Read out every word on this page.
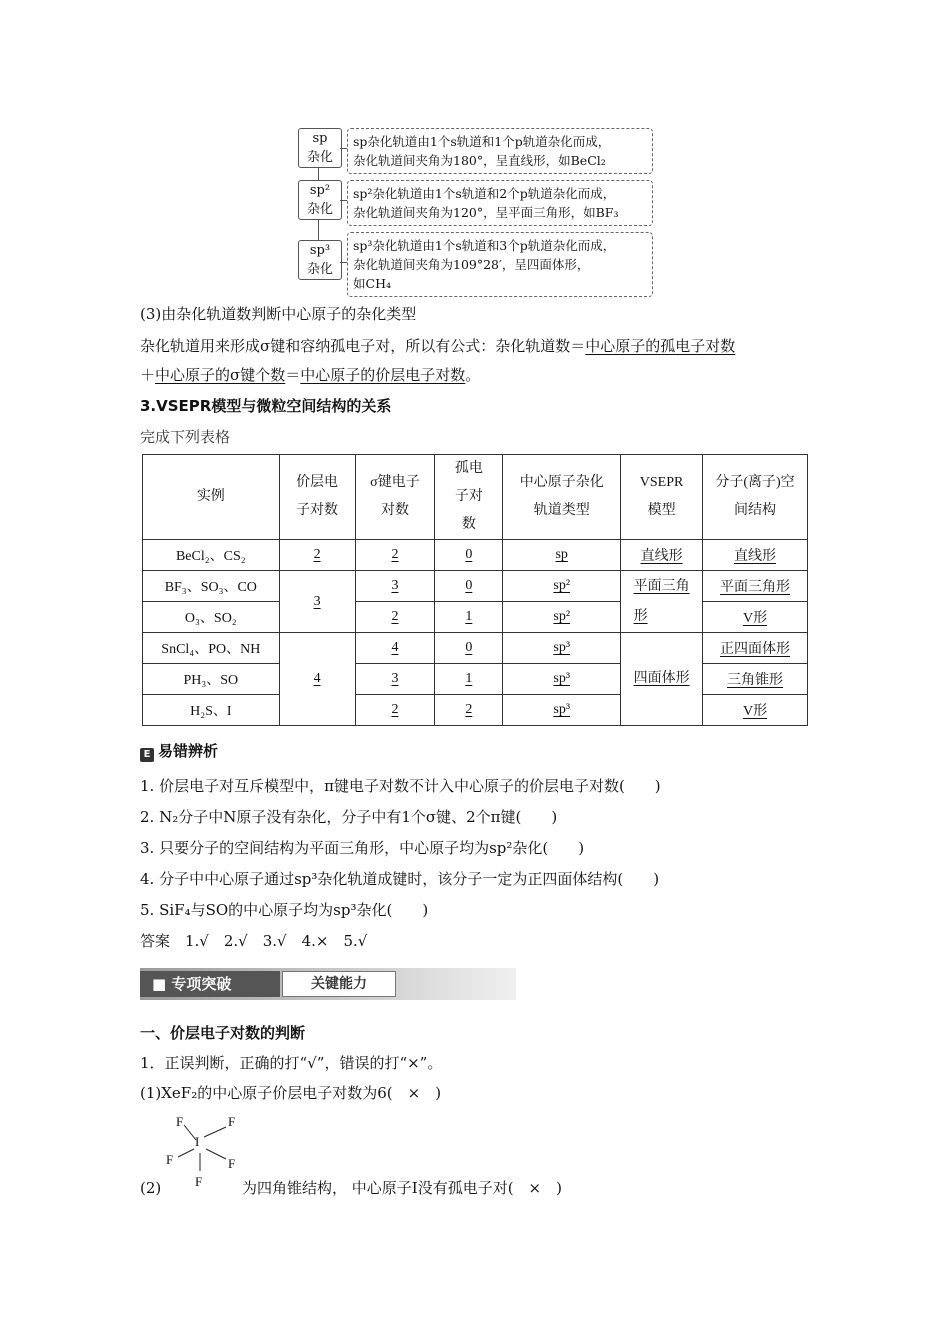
sp
杂化
sp杂化轨道由1个s轨道和1个p轨道杂化而成，
杂化轨道间夹角为180°，呈直线形，如BeCl₂
sp²
杂化
sp²杂化轨道由1个s轨道和2个p轨道杂化而成，
杂化轨道间夹角为120°，呈平面三角形，如BF₃
sp³
杂化
sp³杂化轨道由1个s轨道和3个p轨道杂化而成，
杂化轨道间夹角为109°28′，呈四面体形，
如CH₄
(3)由杂化轨道数判断中心原子的杂化类型
杂化轨道用来形成σ键和容纳孤电子对，所以有公式：杂化轨道数＝中心原子的孤电子对数
＋中心原子的σ键个数＝中心原子的价层电子对数。
3.VSEPR模型与微粒空间结构的关系
完成下列表格
实例	价层电子对数	σ键电子对数	孤电子对数	中心原子杂化轨道类型	VSEPR模型	分子(离子)空间结构

BeCl₂、CS₂	2	2	0	sp	直线形	直线形
BF₃、SO₃、CO	3	3	0	sp²	平面三角形	平面三角形
O₃、SO₂		2	1	sp²		V形
SnCl₄、PO、NH	4	4	0	sp³	四面体形	正四面体形
PH₃、SO		3	1	sp³		三角锥形
H₂S、I		2	2	sp³		V形
E 易错辨析
1. 价层电子对互斥模型中，π键电子对数不计入中心原子的价层电子对数(　　)
2. N₂分子中N原子没有杂化，分子中有1个σ键、2个π键(　　)
3. 只要分子的空间结构为平面三角形，中心原子均为sp²杂化(　　)
4. 分子中中心原子通过sp³杂化轨道成键时，该分子一定为正四面体结构(　　)
5. SiF₄与SO的中心原子均为sp³杂化(　　)
答案　1.√　2.√　3.√　4.×　5.√
■ 专项突破	关键能力
一、价层电子对数的判断
1．正误判断，正确的打“√”，错误的打“×”。
(1)XeF₂的中心原子价层电子对数为6(　×　)
I
F	F
F	F
F
(2)	为四角锥结构， 中心原子I没有孤电子对(　×　)
